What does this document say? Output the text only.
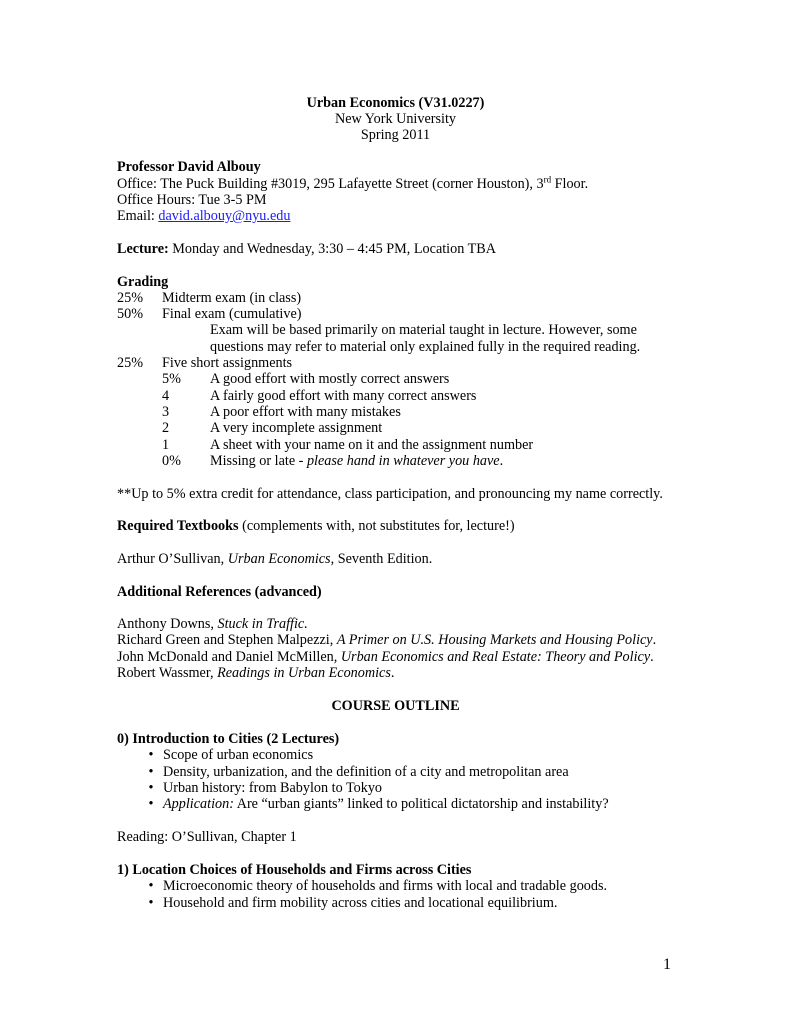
Urban Economics (V31.0227)
New York University
Spring 2011
Professor David Albouy
Office: The Puck Building #3019, 295 Lafayette Street (corner Houston), 3rd Floor.
Office Hours: Tue 3-5 PM
Email: david.albouy@nyu.edu
Lecture: Monday and Wednesday, 3:30 – 4:45 PM, Location TBA
Grading
25% Midterm exam (in class)
50% Final exam (cumulative)
Exam will be based primarily on material taught in lecture. However, some
questions may refer to material only explained fully in the required reading.
25% Five short assignments
5% A good effort with mostly correct answers
4	A fairly good effort with many correct answers
3	A poor effort with many mistakes
2	A very incomplete assignment
1	A sheet with your name on it and the assignment number
0% Missing or late - please hand in whatever you have.
**Up to 5% extra credit for attendance, class participation, and pronouncing my name correctly.
Required Textbooks (complements with, not substitutes for, lecture!)
Arthur O’Sullivan, Urban Economics, Seventh Edition.
Additional References (advanced)
Anthony Downs, Stuck in Traffic.
Richard Green and Stephen Malpezzi, A Primer on U.S. Housing Markets and Housing Policy.
John McDonald and Daniel McMillen, Urban Economics and Real Estate: Theory and Policy.
Robert Wassmer, Readings in Urban Economics.
COURSE OUTLINE
0) Introduction to Cities (2 Lectures)
• Scope of urban economics
• Density, urbanization, and the definition of a city and metropolitan area
• Urban history: from Babylon to Tokyo
• Application: Are “urban giants” linked to political dictatorship and instability?
Reading: O’Sullivan, Chapter 1
1) Location Choices of Households and Firms across Cities
• Microeconomic theory of households and firms with local and tradable goods.
• Household and firm mobility across cities and locational equilibrium.
1
